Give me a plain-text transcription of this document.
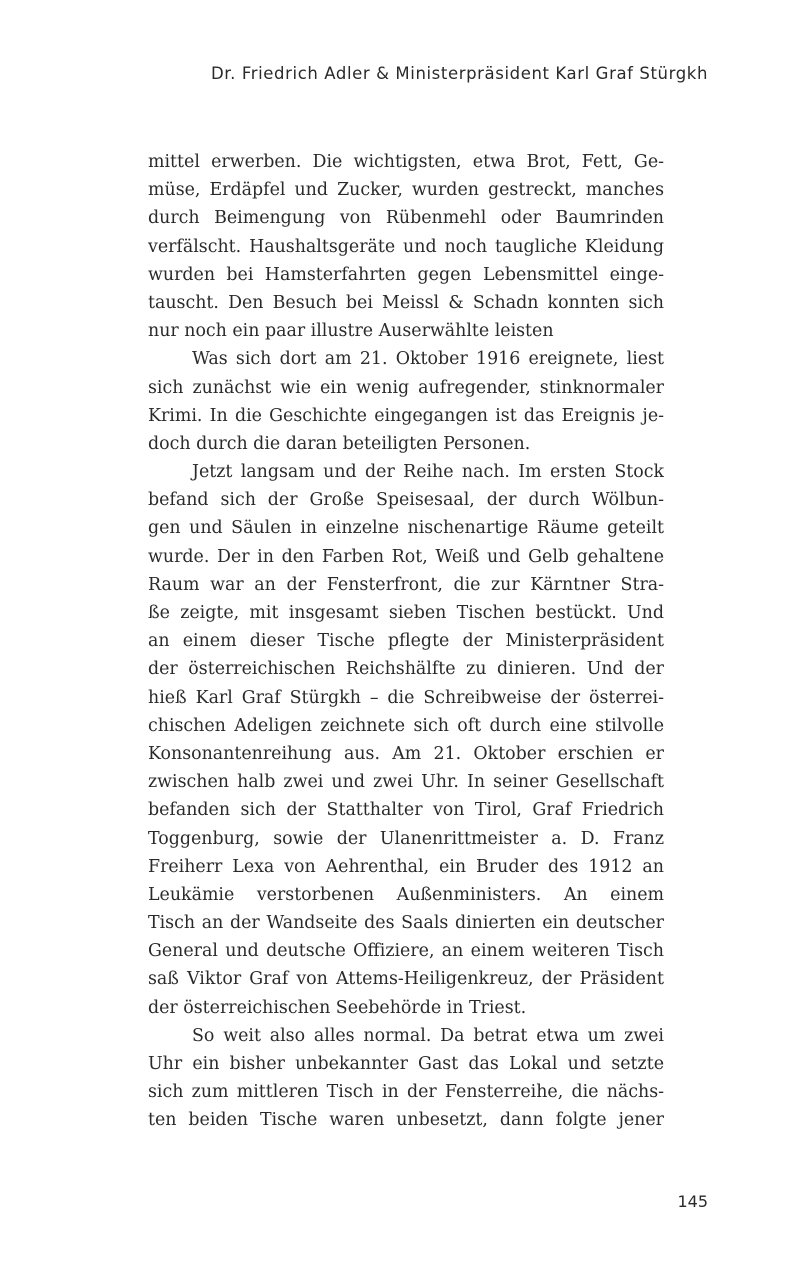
Dr. Friedrich Adler & Ministerpräsident Karl Graf Stürgkh

mittel erwerben. Die wichtigsten, etwa Brot, Fett, Ge-
müse, Erdäpfel und Zucker, wurden gestreckt, manches
durch Beimengung von Rübenmehl oder Baumrinden
verfälscht. Haushaltsgeräte und noch taugliche Kleidung
wurden bei Hamsterfahrten gegen Lebensmittel einge-
tauscht. Den Besuch bei Meissl & Schadn konnten sich
nur noch ein paar illustre Auserwählte leisten

Was sich dort am 21. Oktober 1916 ereignete, liest
sich zunächst wie ein wenig aufregender, stinknormaler
Krimi. In die Geschichte eingegangen ist das Ereignis je-
doch durch die daran beteiligten Personen.

Jetzt langsam und der Reihe nach. Im ersten Stock
befand sich der Große Speisesaal, der durch Wölbun-
gen und Säulen in einzelne nischenartige Räume geteilt
wurde. Der in den Farben Rot, Weiß und Gelb gehaltene
Raum war an der Fensterfront, die zur Kärntner Stra-
ße zeigte, mit insgesamt sieben Tischen bestückt. Und
an einem dieser Tische pflegte der Ministerpräsident
der österreichischen Reichshälfte zu dinieren. Und der
hieß Karl Graf Stürgkh – die Schreibweise der österrei-
chischen Adeligen zeichnete sich oft durch eine stilvolle
Konsonantenreihung aus. Am 21. Oktober erschien er
zwischen halb zwei und zwei Uhr. In seiner Gesellschaft
befanden sich der Statthalter von Tirol, Graf Friedrich
Toggenburg, sowie der Ulanenrittmeister a. D. Franz
Freiherr Lexa von Aehrenthal, ein Bruder des 1912 an
Leukämie verstorbenen Außenministers. An einem
Tisch an der Wandseite des Saals dinierten ein deutscher
General und deutsche Offiziere, an einem weiteren Tisch
saß Viktor Graf von Attems-Heiligenkreuz, der Präsident
der österreichischen Seebehörde in Triest.

So weit also alles normal. Da betrat etwa um zwei
Uhr ein bisher unbekannter Gast das Lokal und setzte
sich zum mittleren Tisch in der Fensterreihe, die nächs-
ten beiden Tische waren unbesetzt, dann folgte jener

145
